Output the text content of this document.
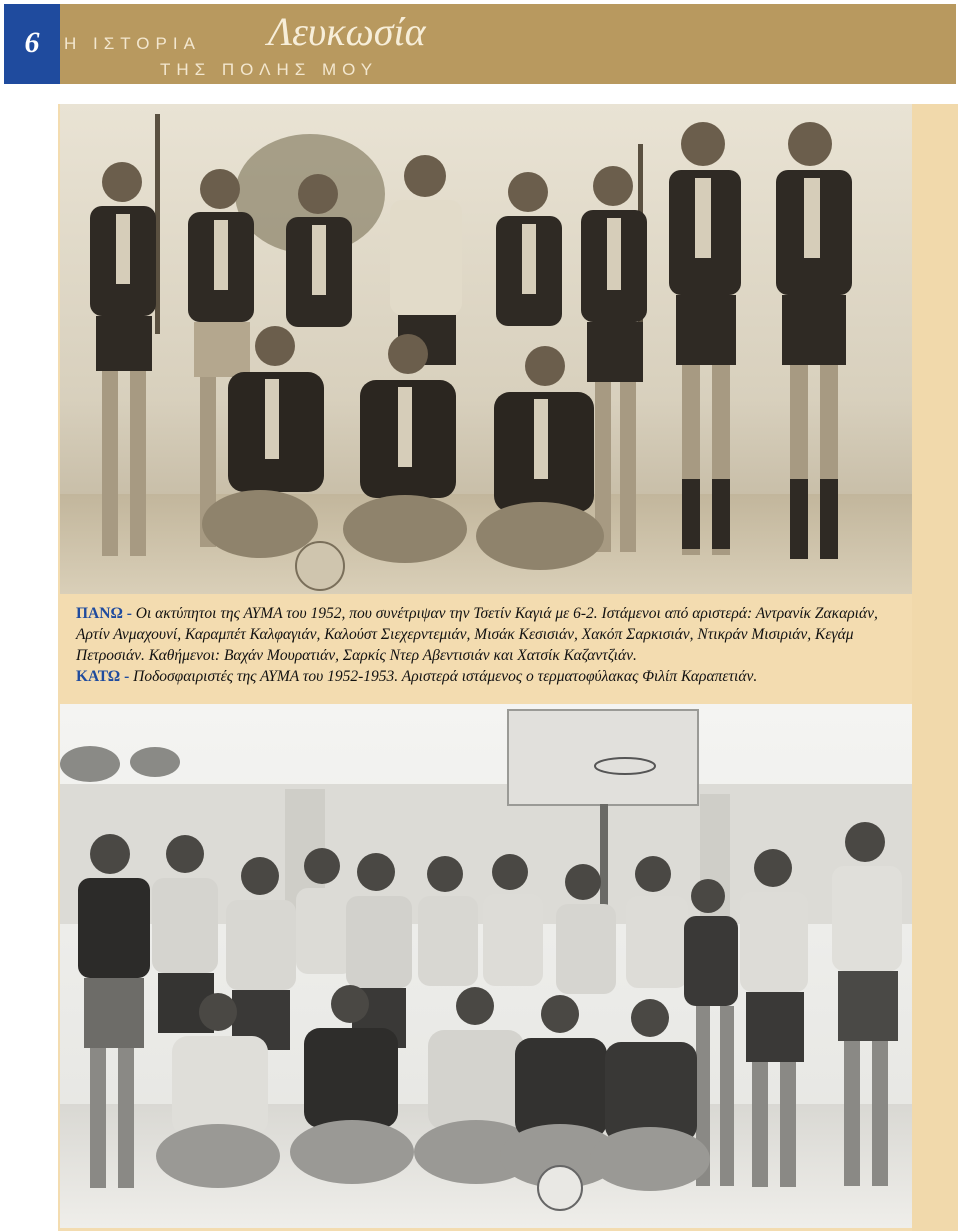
6	Η ΙΣΤΟΡΙΑ Λευκωσία
ΤΗΣ ΠΟΛΗΣ ΜΟΥ
ΠΑΝΩ - Οι ακτύπητοι της ΑΥΜΑ του 1952, που συνέτριψαν την Τσετίν Καγιά με 6-2. Ιστάμενοι από αριστερά: Αντρανίκ Ζακαριάν, Αρτίν Ανμαχουνί, Καραμπέτ Καλφαγιάν, Καλούστ Σιεχερντεμιάν, Μισάκ Κεσισιάν, Χακόπ Σαρκισιάν, Ντικράν Μισιριάν, Κεγάμ Πετροσιάν. Καθήμενοι: Βαχάν Μουρατιάν, Σαρκίς Ντερ Αβεντισιάν και Χατσίκ Καζαντζιάν.
ΚΑΤΩ - Ποδοσφαιριστές της ΑΥΜΑ του 1952-1953. Αριστερά ιστάμενος ο τερματοφύλακας Φιλίπ Καραπετιάν.
